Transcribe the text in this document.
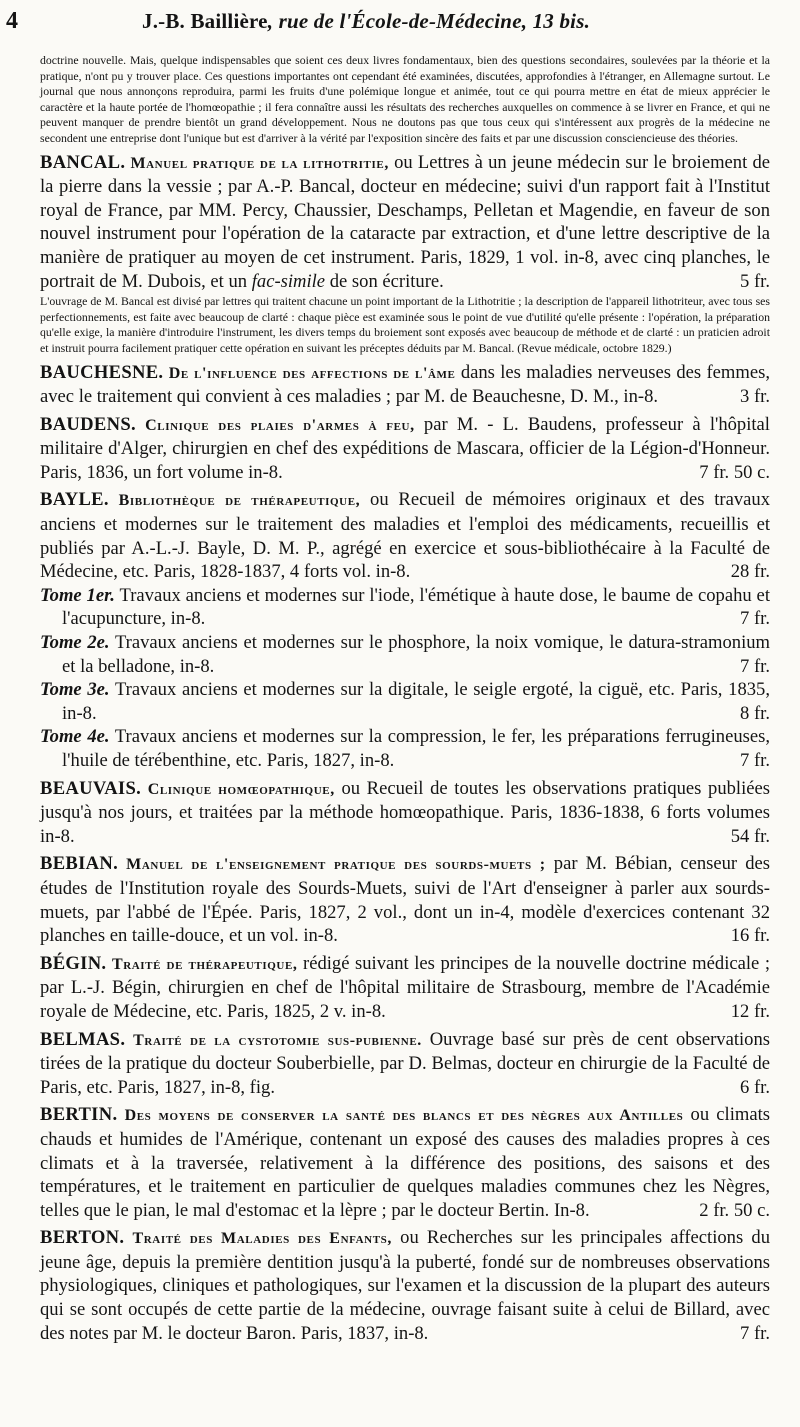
4	J.-B. Baillière, rue de l'École-de-Médecine, 13 bis.
doctrine nouvelle. Mais, quelque indispensables que soient ces deux livres fondamentaux, bien des questions secondaires, soulevées par la théorie et la pratique, n'ont pu y trouver place. Ces questions importantes ont cependant été examinées, discutées, approfondies à l'étranger, en Allemagne surtout. Le journal que nous annonçons reproduira, parmi les fruits d'une polémique longue et animée, tout ce qui pourra mettre en état de mieux apprécier le caractère et la haute portée de l'homœopathie ; il fera connaître aussi les résultats des recherches auxquelles on commence à se livrer en France, et qui ne peuvent manquer de prendre bientôt un grand développement. Nous ne doutons pas que tous ceux qui s'intéressent aux progrès de la médecine ne secondent une entreprise dont l'unique but est d'arriver à la vérité par l'exposition sincère des faits et par une discussion consciencieuse des théories.
BANCAL. Manuel pratique de la lithotritie, ou Lettres à un jeune médecin sur le broiement de la pierre dans la vessie ; par A.-P. Bancal, docteur en médecine; suivi d'un rapport fait à l'Institut royal de France, par MM. Percy, Chaussier, Deschamps, Pelletan et Magendie, en faveur de son nouvel instrument pour l'opération de la cataracte par extraction, et d'une lettre descriptive de la manière de pratiquer au moyen de cet instrument. Paris, 1829, 1 vol. in-8, avec cinq planches, le portrait de M. Dubois, et un fac-simile de son écriture.	5 fr.
L'ouvrage de M. Bancal est divisé par lettres qui traitent chacune un point important de la Lithotritie ; la description de l'appareil lithotriteur, avec tous ses perfectionnements, est faite avec beaucoup de clarté : chaque pièce est examinée sous le point de vue d'utilité qu'elle présente : l'opération, la préparation qu'elle exige, la manière d'introduire l'instrument, les divers temps du broiement sont exposés avec beaucoup de méthode et de clarté : un praticien adroit et instruit pourra facilement pratiquer cette opération en suivant les préceptes déduits par M. Bancal. (Revue médicale, octobre 1829.)
BAUCHESNE. De l'influence des affections de l'âme dans les maladies nerveuses des femmes, avec le traitement qui convient à ces maladies ; par M. de Beauchesne, D. M., in-8.	3 fr.
BAUDENS. Clinique des plaies d'armes à feu, par M. - L. Baudens, professeur à l'hôpital militaire d'Alger, chirurgien en chef des expéditions de Mascara, officier de la Légion-d'Honneur. Paris, 1836, un fort volume in-8.	7 fr. 50 c.
BAYLE. Bibliothèque de thérapeutique, ou Recueil de mémoires originaux et des travaux anciens et modernes sur le traitement des maladies et l'emploi des médicaments, recueillis et publiés par A.-L.-J. Bayle, D. M. P., agrégé en exercice et sous-bibliothécaire à la Faculté de Médecine, etc. Paris, 1828-1837, 4 forts vol. in-8.	28 fr.
Tome 1er. Travaux anciens et modernes sur l'iode, l'émétique à haute dose, le baume de copahu et l'acupuncture, in-8.	7 fr.
Tome 2e. Travaux anciens et modernes sur le phosphore, la noix vomique, le datura-stramonium et la belladone, in-8.	7 fr.
Tome 3e. Travaux anciens et modernes sur la digitale, le seigle ergoté, la ciguë, etc. Paris, 1835, in-8.	8 fr.
Tome 4e. Travaux anciens et modernes sur la compression, le fer, les préparations ferrugineuses, l'huile de térébenthine, etc. Paris, 1827, in-8.	7 fr.
BEAUVAIS. Clinique homœopathique, ou Recueil de toutes les observations pratiques publiées jusqu'à nos jours, et traitées par la méthode homœopathique. Paris, 1836-1838, 6 forts volumes in-8.	54 fr.
BEBIAN. Manuel de l'enseignement pratique des sourds-muets ; par M. Bébian, censeur des études de l'Institution royale des Sourds-Muets, suivi de l'Art d'enseigner à parler aux sourds-muets, par l'abbé de l'Épée. Paris, 1827, 2 vol., dont un in-4, modèle d'exercices contenant 32 planches en taille-douce, et un vol. in-8.	16 fr.
BÉGIN. Traité de thérapeutique, rédigé suivant les principes de la nouvelle doctrine médicale ; par L.-J. Bégin, chirurgien en chef de l'hôpital militaire de Strasbourg, membre de l'Académie royale de Médecine, etc. Paris, 1825, 2 v. in-8.	12 fr.
BELMAS. Traité de la cystotomie sus-pubienne. Ouvrage basé sur près de cent observations tirées de la pratique du docteur Souberbielle, par D. Belmas, docteur en chirurgie de la Faculté de Paris, etc. Paris, 1827, in-8, fig.	6 fr.
BERTIN. Des moyens de conserver la santé des blancs et des nègres aux Antilles ou climats chauds et humides de l'Amérique, contenant un exposé des causes des maladies propres à ces climats et à la traversée, relativement à la différence des positions, des saisons et des températures, et le traitement en particulier de quelques maladies communes chez les Nègres, telles que le pian, le mal d'estomac et la lèpre ; par le docteur Bertin. In-8.	2 fr. 50 c.
BERTON. Traité des Maladies des Enfants, ou Recherches sur les principales affections du jeune âge, depuis la première dentition jusqu'à la puberté, fondé sur de nombreuses observations physiologiques, cliniques et pathologiques, sur l'examen et la discussion de la plupart des auteurs qui se sont occupés de cette partie de la médecine, ouvrage faisant suite à celui de Billard, avec des notes par M. le docteur Baron. Paris, 1837, in-8.	7 fr.
